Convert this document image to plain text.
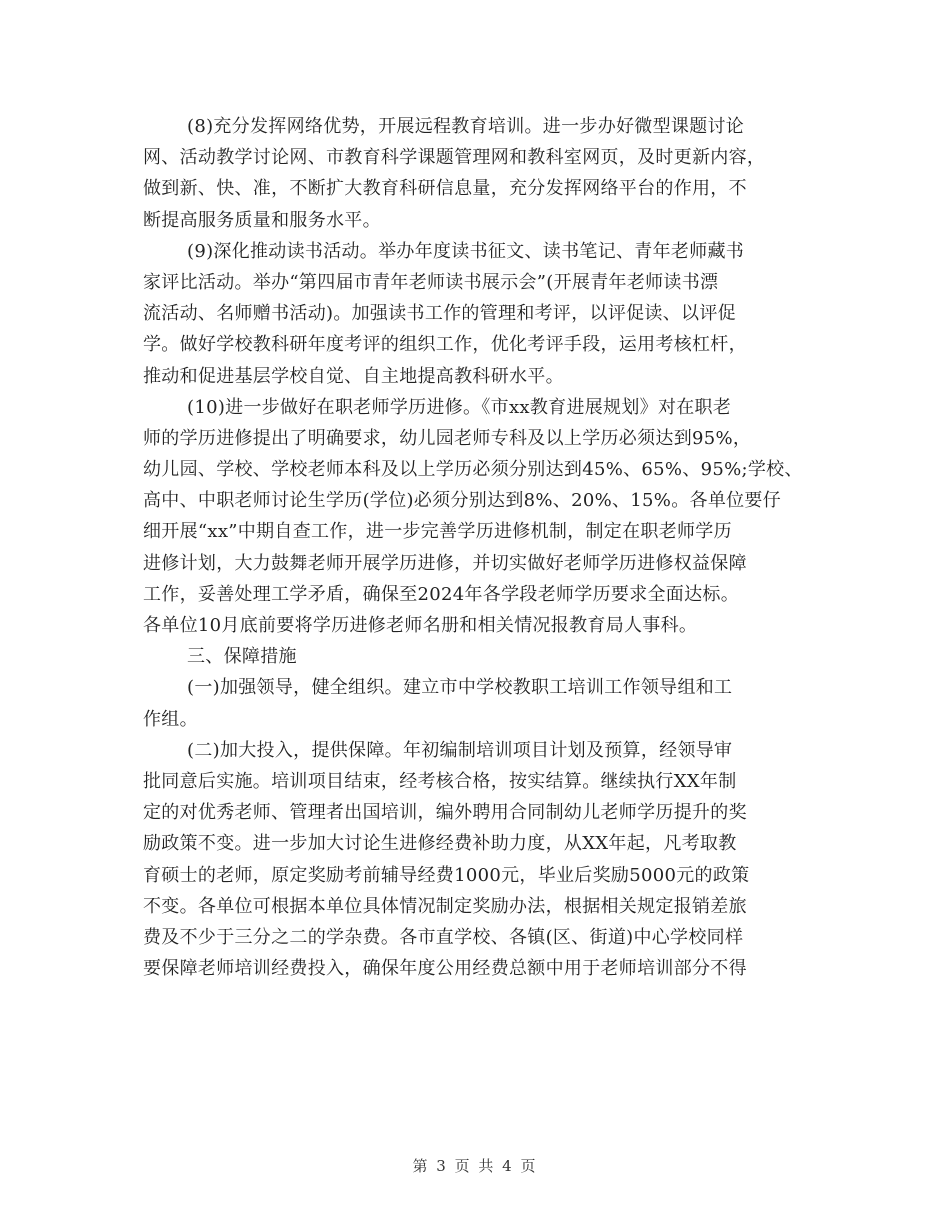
(8)充分发挥网络优势，开展远程教育培训。进一步办好微型课题讨论
网、活动教学讨论网、市教育科学课题管理网和教科室网页，及时更新内容，
做到新、快、准，不断扩大教育科研信息量，充分发挥网络平台的作用，不
断提高服务质量和服务水平。
(9)深化推动读书活动。举办年度读书征文、读书笔记、青年老师藏书
家评比活动。举办“第四届市青年老师读书展示会”(开展青年老师读书漂
流活动、名师赠书活动)。加强读书工作的管理和考评，以评促读、以评促
学。做好学校教科研年度考评的组织工作，优化考评手段，运用考核杠杆，
推动和促进基层学校自觉、自主地提高教科研水平。
(10)进一步做好在职老师学历进修。《市xx教育进展规划》对在职老
师的学历进修提出了明确要求，幼儿园老师专科及以上学历必须达到95%，
幼儿园、学校、学校老师本科及以上学历必须分别达到45%、65%、95%;学校、
高中、中职老师讨论生学历(学位)必须分别达到8%、20%、15%。各单位要仔
细开展“xx”中期自查工作，进一步完善学历进修机制，制定在职老师学历
进修计划，大力鼓舞老师开展学历进修，并切实做好老师学历进修权益保障
工作，妥善处理工学矛盾，确保至2024年各学段老师学历要求全面达标。
各单位10月底前要将学历进修老师名册和相关情况报教育局人事科。
三、保障措施
(一)加强领导，健全组织。建立市中学校教职工培训工作领导组和工
作组。
(二)加大投入，提供保障。年初编制培训项目计划及预算，经领导审
批同意后实施。培训项目结束，经考核合格，按实结算。继续执行XX年制
定的对优秀老师、管理者出国培训，编外聘用合同制幼儿老师学历提升的奖
励政策不变。进一步加大讨论生进修经费补助力度，从XX年起，凡考取教
育硕士的老师，原定奖励考前辅导经费1000元，毕业后奖励5000元的政策
不变。各单位可根据本单位具体情况制定奖励办法，根据相关规定报销差旅
费及不少于三分之二的学杂费。各市直学校、各镇(区、街道)中心学校同样
要保障老师培训经费投入，确保年度公用经费总额中用于老师培训部分不得
第 3 页 共 4 页
